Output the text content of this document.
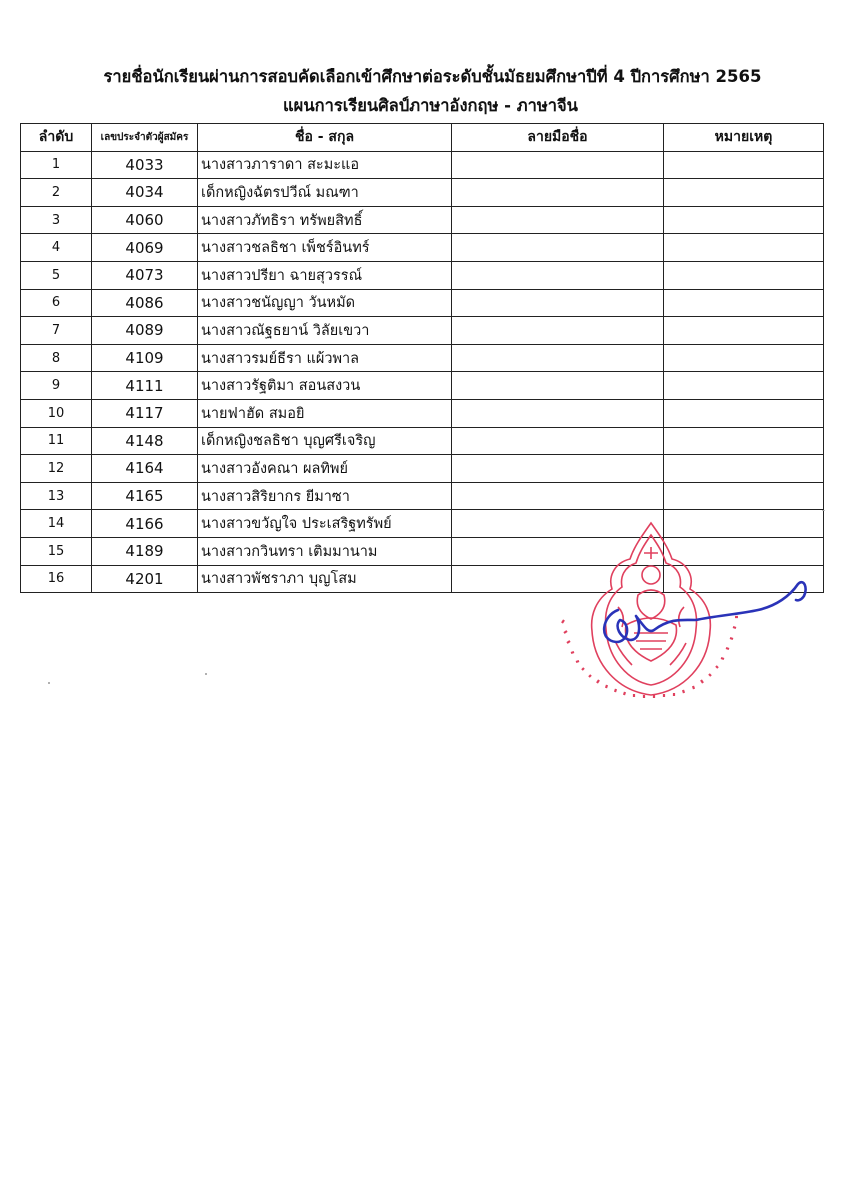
รายชื่อนักเรียนผ่านการสอบคัดเลือกเข้าศึกษาต่อระดับชั้นมัธยมศึกษาปีที่ 4 ปีการศึกษา 2565
แผนการเรียนศิลป์ภาษาอังกฤษ - ภาษาจีน
ลำดับ	เลขประจำตัวผู้สมัคร	ชื่อ - สกุล	ลายมือชื่อ	หมายเหตุ
1	4033	นางสาวภาราดา สะมะแอ		
2	4034	เด็กหญิงฉัตรปวีณ์ มณฑา		
3	4060	นางสาวภัทธิรา ทรัพยสิทธิ์		
4	4069	นางสาวชลธิชา เพ็ชร์อินทร์		
5	4073	นางสาวปรียา ฉายสุวรรณ์		
6	4086	นางสาวชนัญญา วันหมัด		
7	4089	นางสาวณัฐธยาน์ วิลัยเขวา		
8	4109	นางสาวรมย์ธีรา แผ้วพาล		
9	4111	นางสาวรัฐติมา สอนสงวน		
10	4117	นายฟาฮัด สมอยิ		
11	4148	เด็กหญิงชลธิชา บุญศรีเจริญ		
12	4164	นางสาวอังคณา ผลทิพย์		
13	4165	นางสาวสิริยากร ยีมาซา		
14	4166	นางสาวขวัญใจ ประเสริฐทรัพย์		
15	4189	นางสาวกวินทรา เติมมานาม		
16	4201	นางสาวพัชราภา บุญโสม		
